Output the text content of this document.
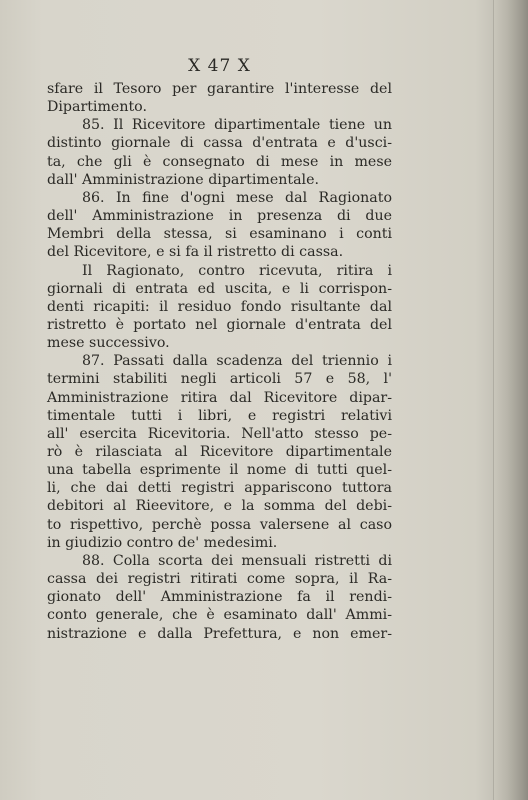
X 47 X
sfare il Tesoro per garantire l'interesse del
Dipartimento.
85. Il Ricevitore dipartimentale tiene un
distinto giornale di cassa d'entrata e d'usci-
ta, che gli è consegnato di mese in mese
dall' Amministrazione dipartimentale.
86. In fine d'ogni mese dal Ragionato
dell' Amministrazione in presenza di due
Membri della stessa, si esaminano i conti
del Ricevitore, e si fa il ristretto di cassa.
Il Ragionato, contro ricevuta, ritira i
giornali di entrata ed uscita, e li corrispon-
denti ricapiti: il residuo fondo risultante dal
ristretto è portato nel giornale d'entrata del
mese successivo.
87. Passati dalla scadenza del triennio i
termini stabiliti negli articoli 57 e 58, l'
Amministrazione ritira dal Ricevitore dipar-
timentale tutti i libri, e registri relativi
all' esercita Ricevitoria. Nell'atto stesso pe-
rò è rilasciata al Ricevitore dipartimentale
una tabella esprimente il nome di tutti quel-
li, che dai detti registri appariscono tuttora
debitori al Rieevitore, e la somma del debi-
to rispettivo, perchè possa valersene al caso
in giudizio contro de' medesimi.
88. Colla scorta dei mensuali ristretti di
cassa dei registri ritirati come sopra, il Ra-
gionato dell' Amministrazione fa il rendi-
conto generale, che è esaminato dall' Ammi-
nistrazione e dalla Prefettura, e non emer-
